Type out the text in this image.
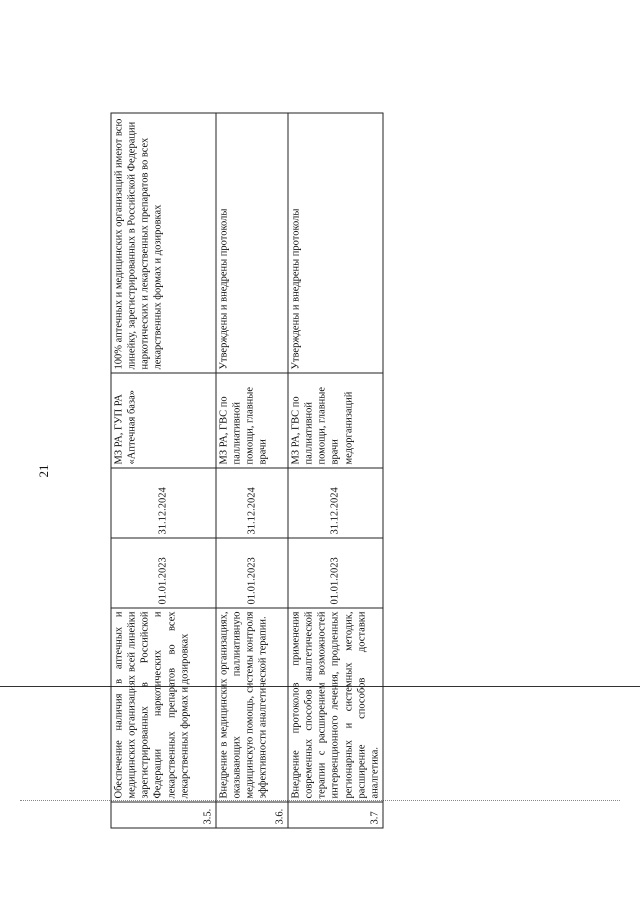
21
3.5.	Обеспечение наличия в аптечных и медицинских организациях всей линейки зарегистрированных в Российской Федерации наркотических и лекарственных препаратов во всех лекарственных формах и дозировках	01.01.2023	31.12.2024	МЗ РА, ГУП РА «Аптечная база»	100% аптечных и медицинских организаций имеют всю линейку, зарегистрированных в Российской Федерации наркотических и лекарственных препаратов во всех лекарственных формах и дозировках
3.6.	Внедрение в медицинских организациях, оказывающих паллиативную медицинскую помощь, системы контроля эффективности аналгетической терапии.	01.01.2023	31.12.2024	МЗ РА, ГВС по паллиативной помощи, главные врачи	Утверждены и внедрены протоколы
3.7	Внедрение протоколов применения современных способов аналгетической терапии с расширением возможностей интервенционного лечения, продленных регионарных и системных методик, расширение способов доставки аналгетика.	01.01.2023	31.12.2024	МЗ РА, ГВС по паллиативной помощи, главные врачи медорганизаций	Утверждены и внедрены протоколы
